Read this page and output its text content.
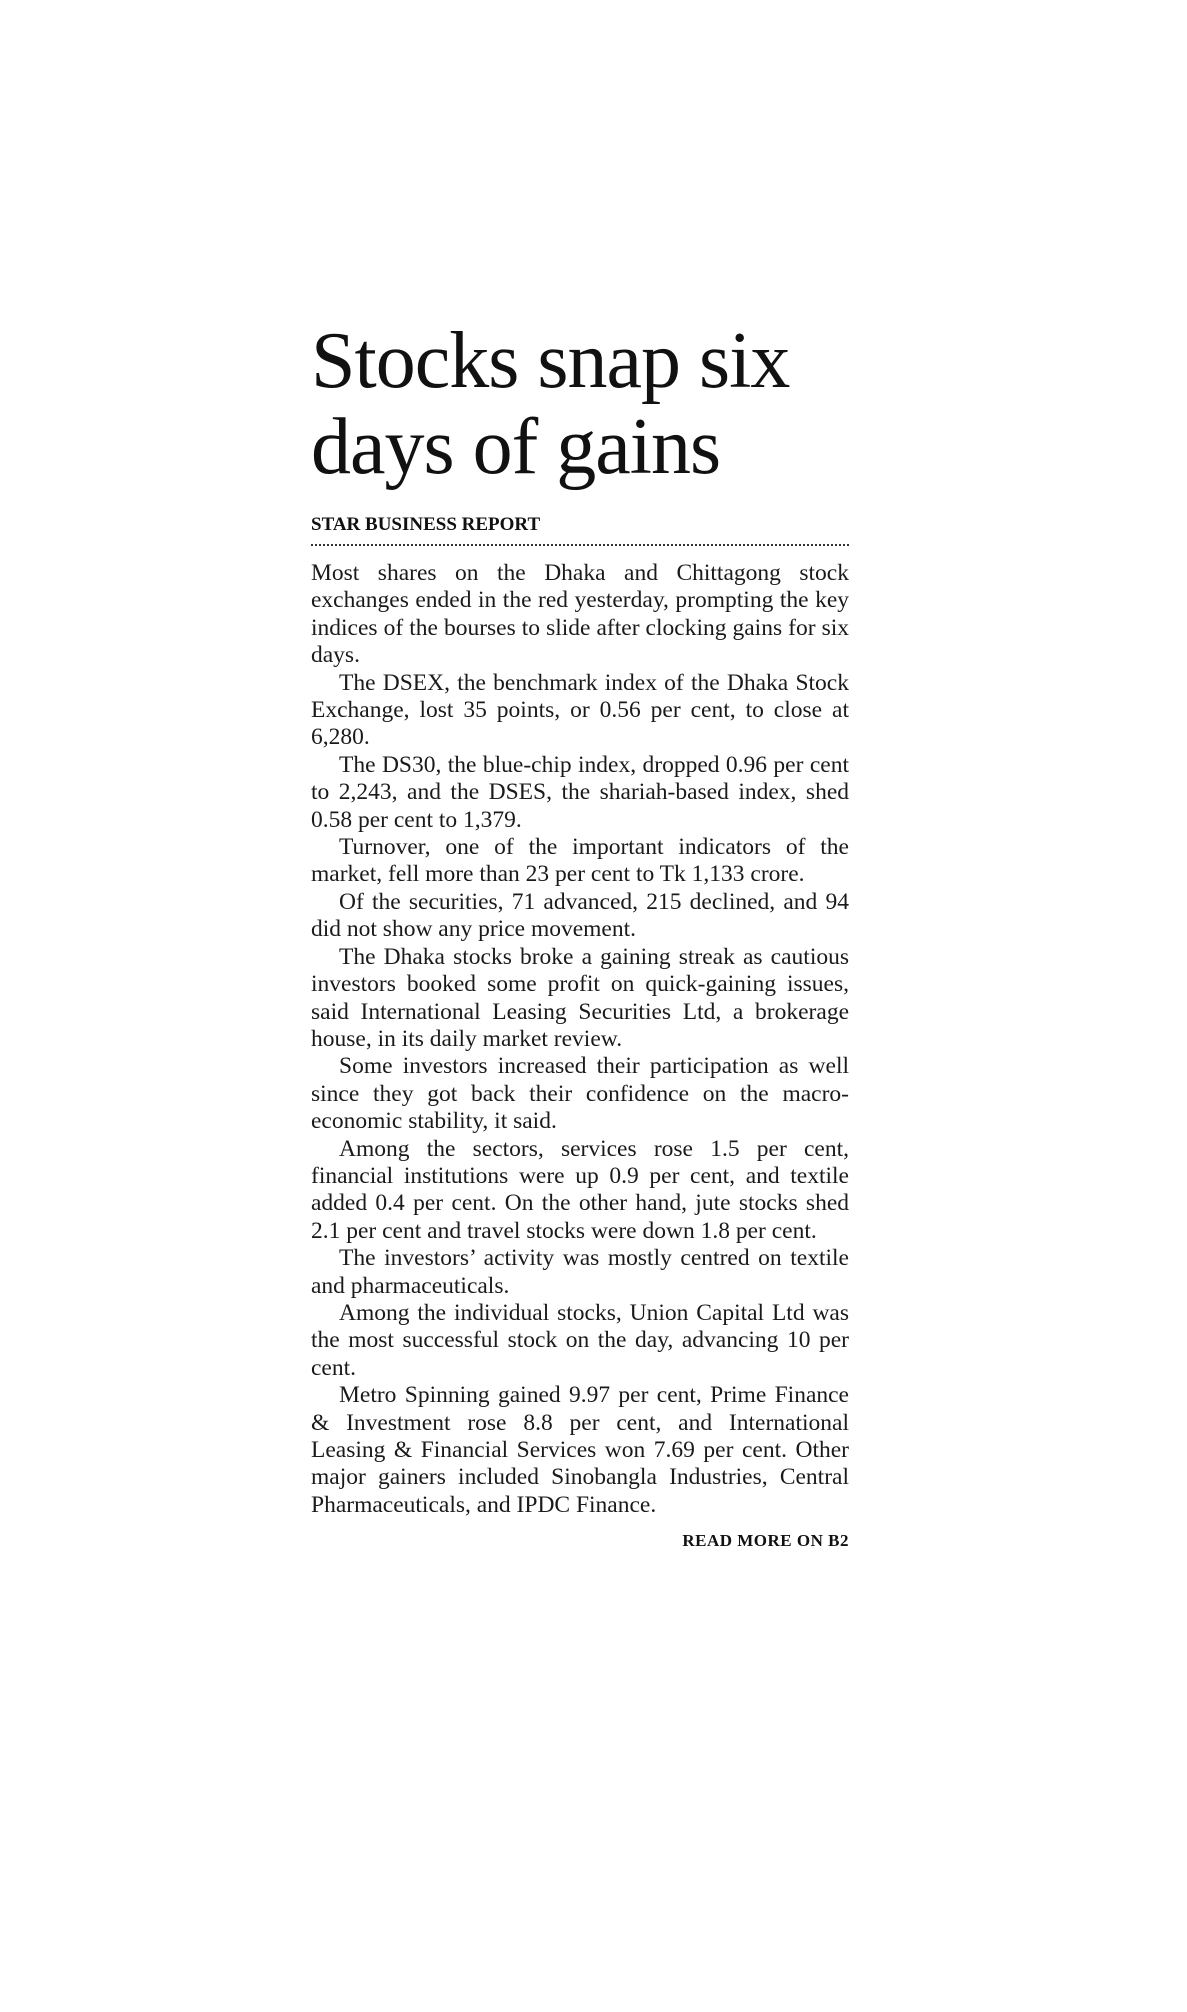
Stocks snap six days of gains
STAR BUSINESS REPORT

Most shares on the Dhaka and Chittagong stock exchanges ended in the red yesterday, prompting the key indices of the bourses to slide after clocking gains for six days.

The DSEX, the benchmark index of the Dhaka Stock Exchange, lost 35 points, or 0.56 per cent, to close at 6,280.

The DS30, the blue-chip index, dropped 0.96 per cent to 2,243, and the DSES, the shariah-based index, shed 0.58 per cent to 1,379.

Turnover, one of the important indicators of the market, fell more than 23 per cent to Tk 1,133 crore.

Of the securities, 71 advanced, 215 declined, and 94 did not show any price movement.

The Dhaka stocks broke a gaining streak as cautious investors booked some profit on quick-gaining issues, said International Leasing Securities Ltd, a brokerage house, in its daily market review.

Some investors increased their participation as well since they got back their confidence on the macro-economic stability, it said.

Among the sectors, services rose 1.5 per cent, financial institutions were up 0.9 per cent, and textile added 0.4 per cent. On the other hand, jute stocks shed 2.1 per cent and travel stocks were down 1.8 per cent.

The investors’ activity was mostly centred on textile and pharmaceuticals.

Among the individual stocks, Union Capital Ltd was the most successful stock on the day, advancing 10 per cent.

Metro Spinning gained 9.97 per cent, Prime Finance & Investment rose 8.8 per cent, and International Leasing & Financial Services won 7.69 per cent. Other major gainers included Sinobangla Industries, Central Pharmaceuticals, and IPDC Finance.

READ MORE ON B2
